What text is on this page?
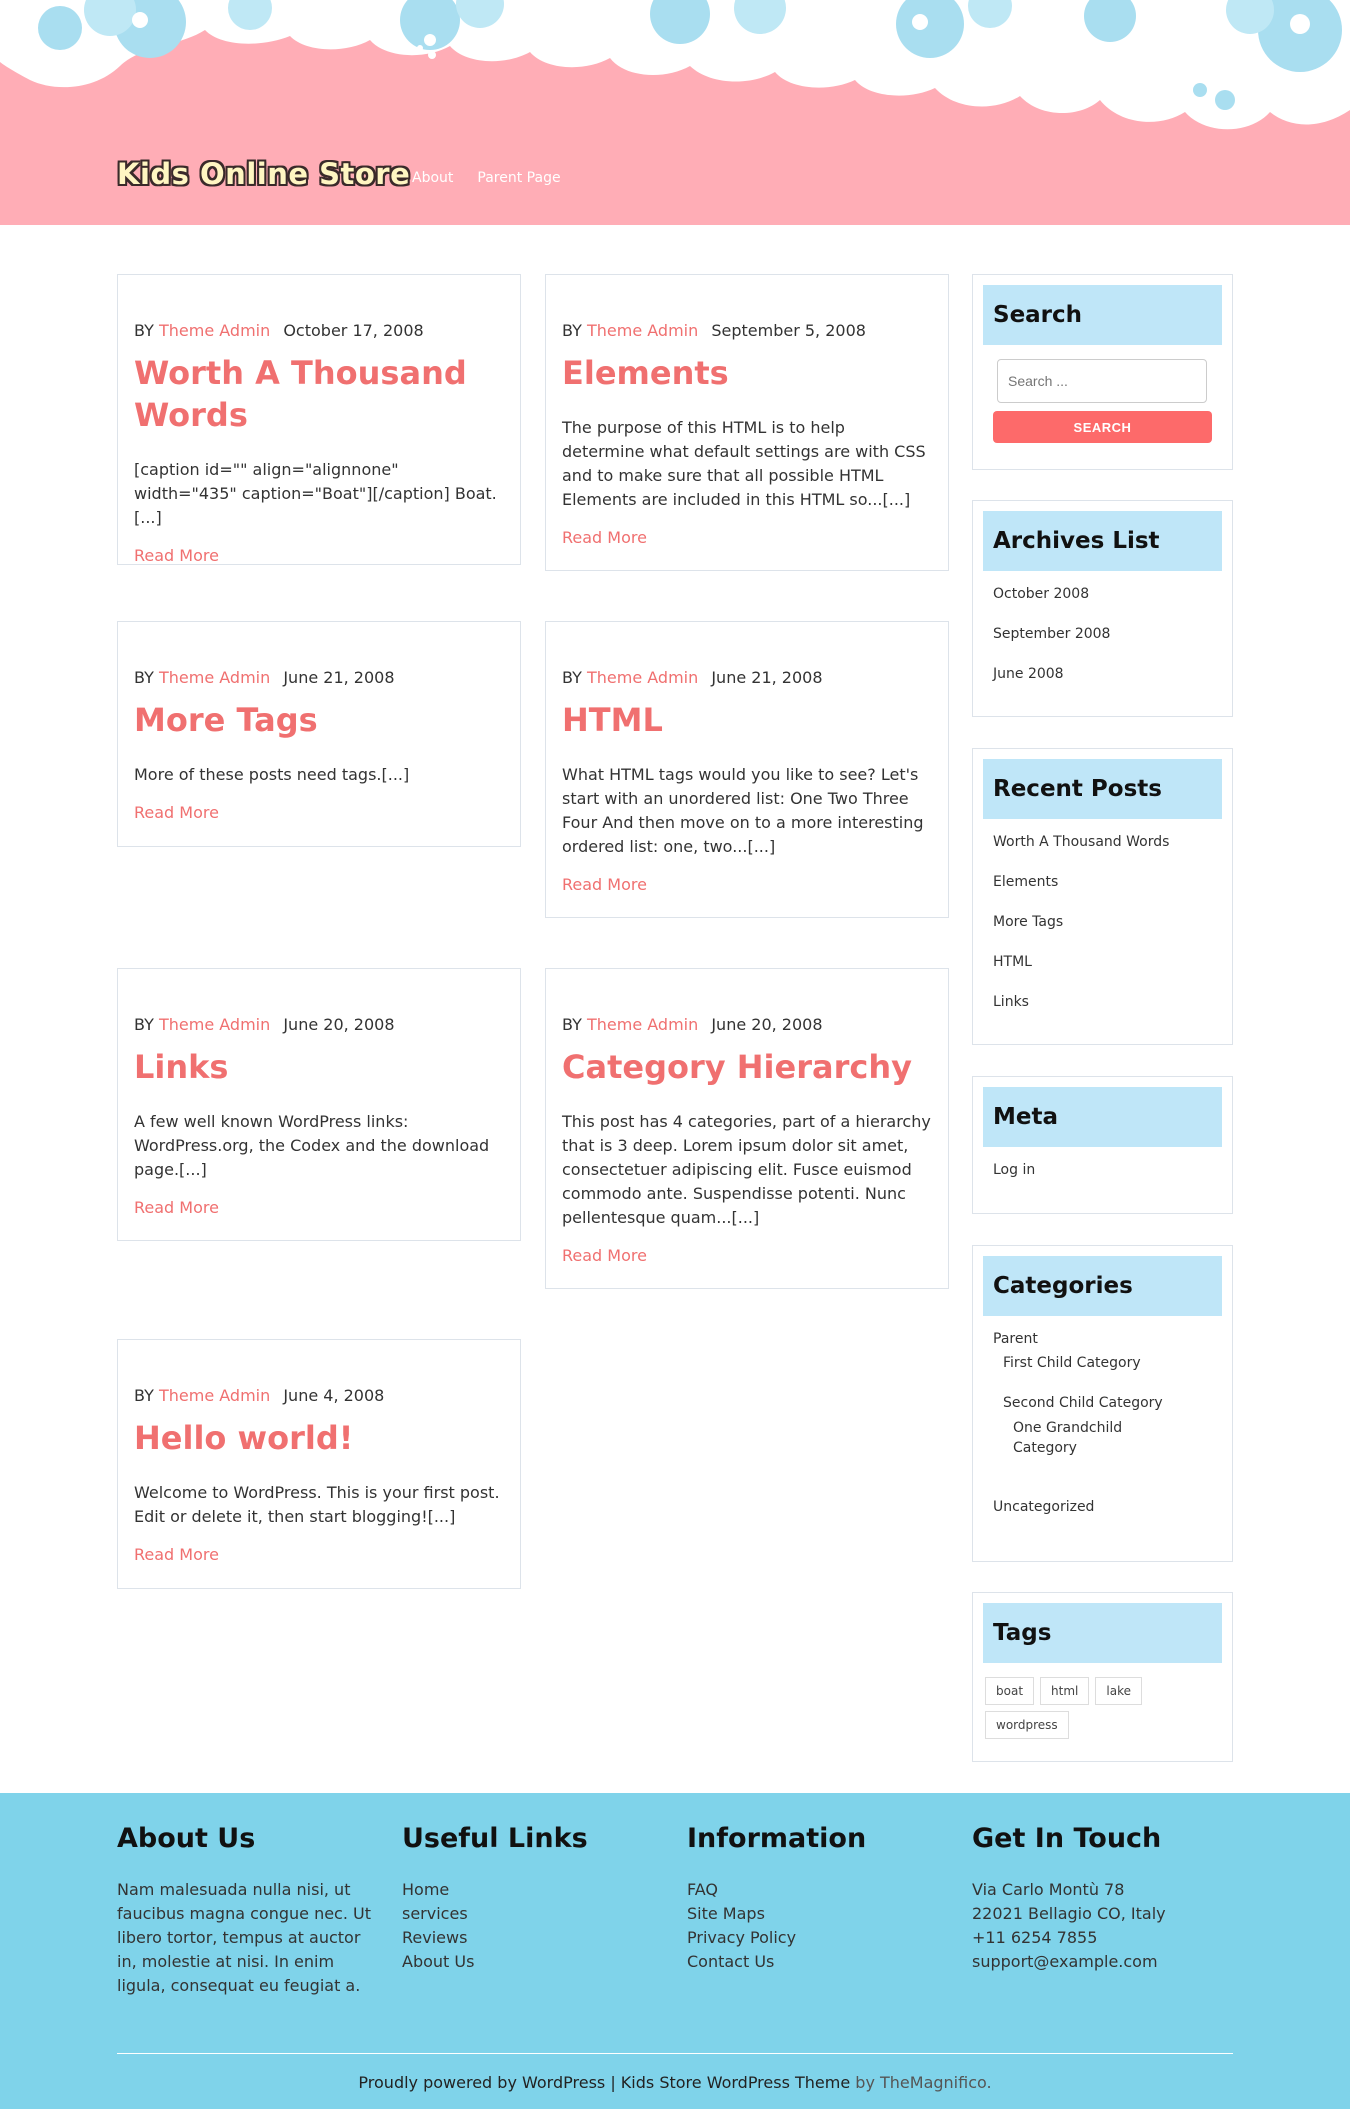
Kids Online Store About Parent Page
BY Theme Admin October 17, 2008
Worth A Thousand Words

[caption id="" align="alignnone" width="435" caption="Boat"][/caption] Boat.[...]

Read More
BY Theme Admin September 5, 2008
Elements

The purpose of this HTML is to help determine what default settings are with CSS and to make sure that all possible HTML Elements are included in this HTML so...[...]

Read More
BY Theme Admin June 21, 2008
More Tags

More of these posts need tags.[...]

Read More
BY Theme Admin June 21, 2008
HTML

What HTML tags would you like to see? Let's start with an unordered list: One Two Three Four And then move on to a more interesting ordered list: one, two...[...]

Read More
BY Theme Admin June 20, 2008
Links

A few well known WordPress links: WordPress.org, the Codex and the download page.[...]

Read More
BY Theme Admin June 20, 2008
Category Hierarchy

This post has 4 categories, part of a hierarchy that is 3 deep. Lorem ipsum dolor sit amet, consectetuer adipiscing elit. Fusce euismod commodo ante. Suspendisse potenti. Nunc pellentesque quam...[...]

Read More
BY Theme Admin June 4, 2008
Hello world!

Welcome to WordPress. This is your first post. Edit or delete it, then start blogging![...]

Read More
Search
Search ...
SEARCH
Archives List
October 2008
September 2008
June 2008
Recent Posts
Worth A Thousand Words
Elements
More Tags
HTML
Links
Meta
Log in
Categories
Parent
First Child Category
Second Child Category
One Grandchild Category
Uncategorized
Tags
boat	html	lake
wordpress
About Us

Nam malesuada nulla nisi, ut faucibus magna congue nec. Ut libero tortor, tempus at auctor in, molestie at nisi. In enim ligula, consequat eu feugiat a.

Useful Links
Home
services
Reviews
About Us
Information
FAQ
Site Maps
Privacy Policy
Contact Us
Get In Touch
Via Carlo Montù 78
22021 Bellagio CO, Italy
+11 6254 7855
support@example.com
Proudly powered by WordPress | Kids Store WordPress Theme by TheMagnifico.
